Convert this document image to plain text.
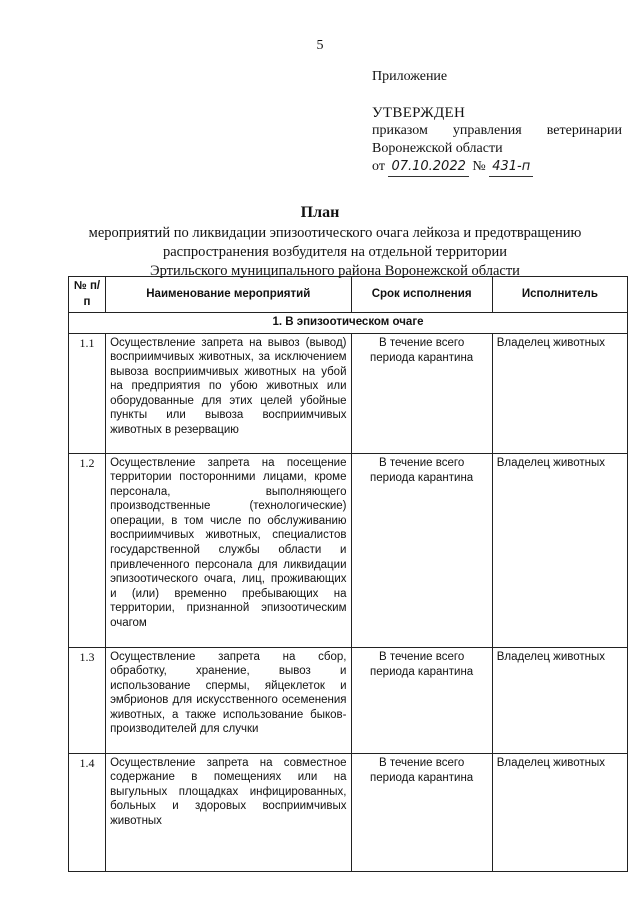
5
Приложение
УТВЕРЖДЕН
приказом управления ветеринарии
Воронежской области
от 07.10.2022 № 431-п
План
мероприятий по ликвидации эпизоотического очага лейкоза и предотвращению
распространения возбудителя на отдельной территории
Эртильского муниципального района Воронежской области
№ п/п	Наименование мероприятий	Срок исполнения	Исполнитель
1. В эпизоотическом очаге			
1.1	Осуществление запрета на вывоз (вывод) восприимчивых животных, за исключением вывоза восприимчивых животных на убой на предприятия по убою животных или оборудованные для этих целей убойные пункты или вывоза восприимчивых животных в резервацию	В течение всего периода карантина	Владелец животных
1.2	Осуществление запрета на посещение территории посторонними лицами, кроме персонала, выполняющего производственные (технологические) операции, в том числе по обслуживанию восприимчивых животных, специалистов государственной службы области и привлеченного персонала для ликвидации эпизоотического очага, лиц, проживающих и (или) временно пребывающих на территории, признанной эпизоотическим очагом	В течение всего периода карантина	Владелец животных
1.3	Осуществление запрета на сбор, обработку, хранение, вывоз и использование спермы, яйцеклеток и эмбрионов для искусственного осеменения животных, а также использование быков-производителей для случки	В течение всего периода карантина	Владелец животных
1.4	Осуществление запрета на совместное содержание в помещениях или на выгульных площадках инфицированных, больных и здоровых восприимчивых животных	В течение всего периода карантина	Владелец животных
